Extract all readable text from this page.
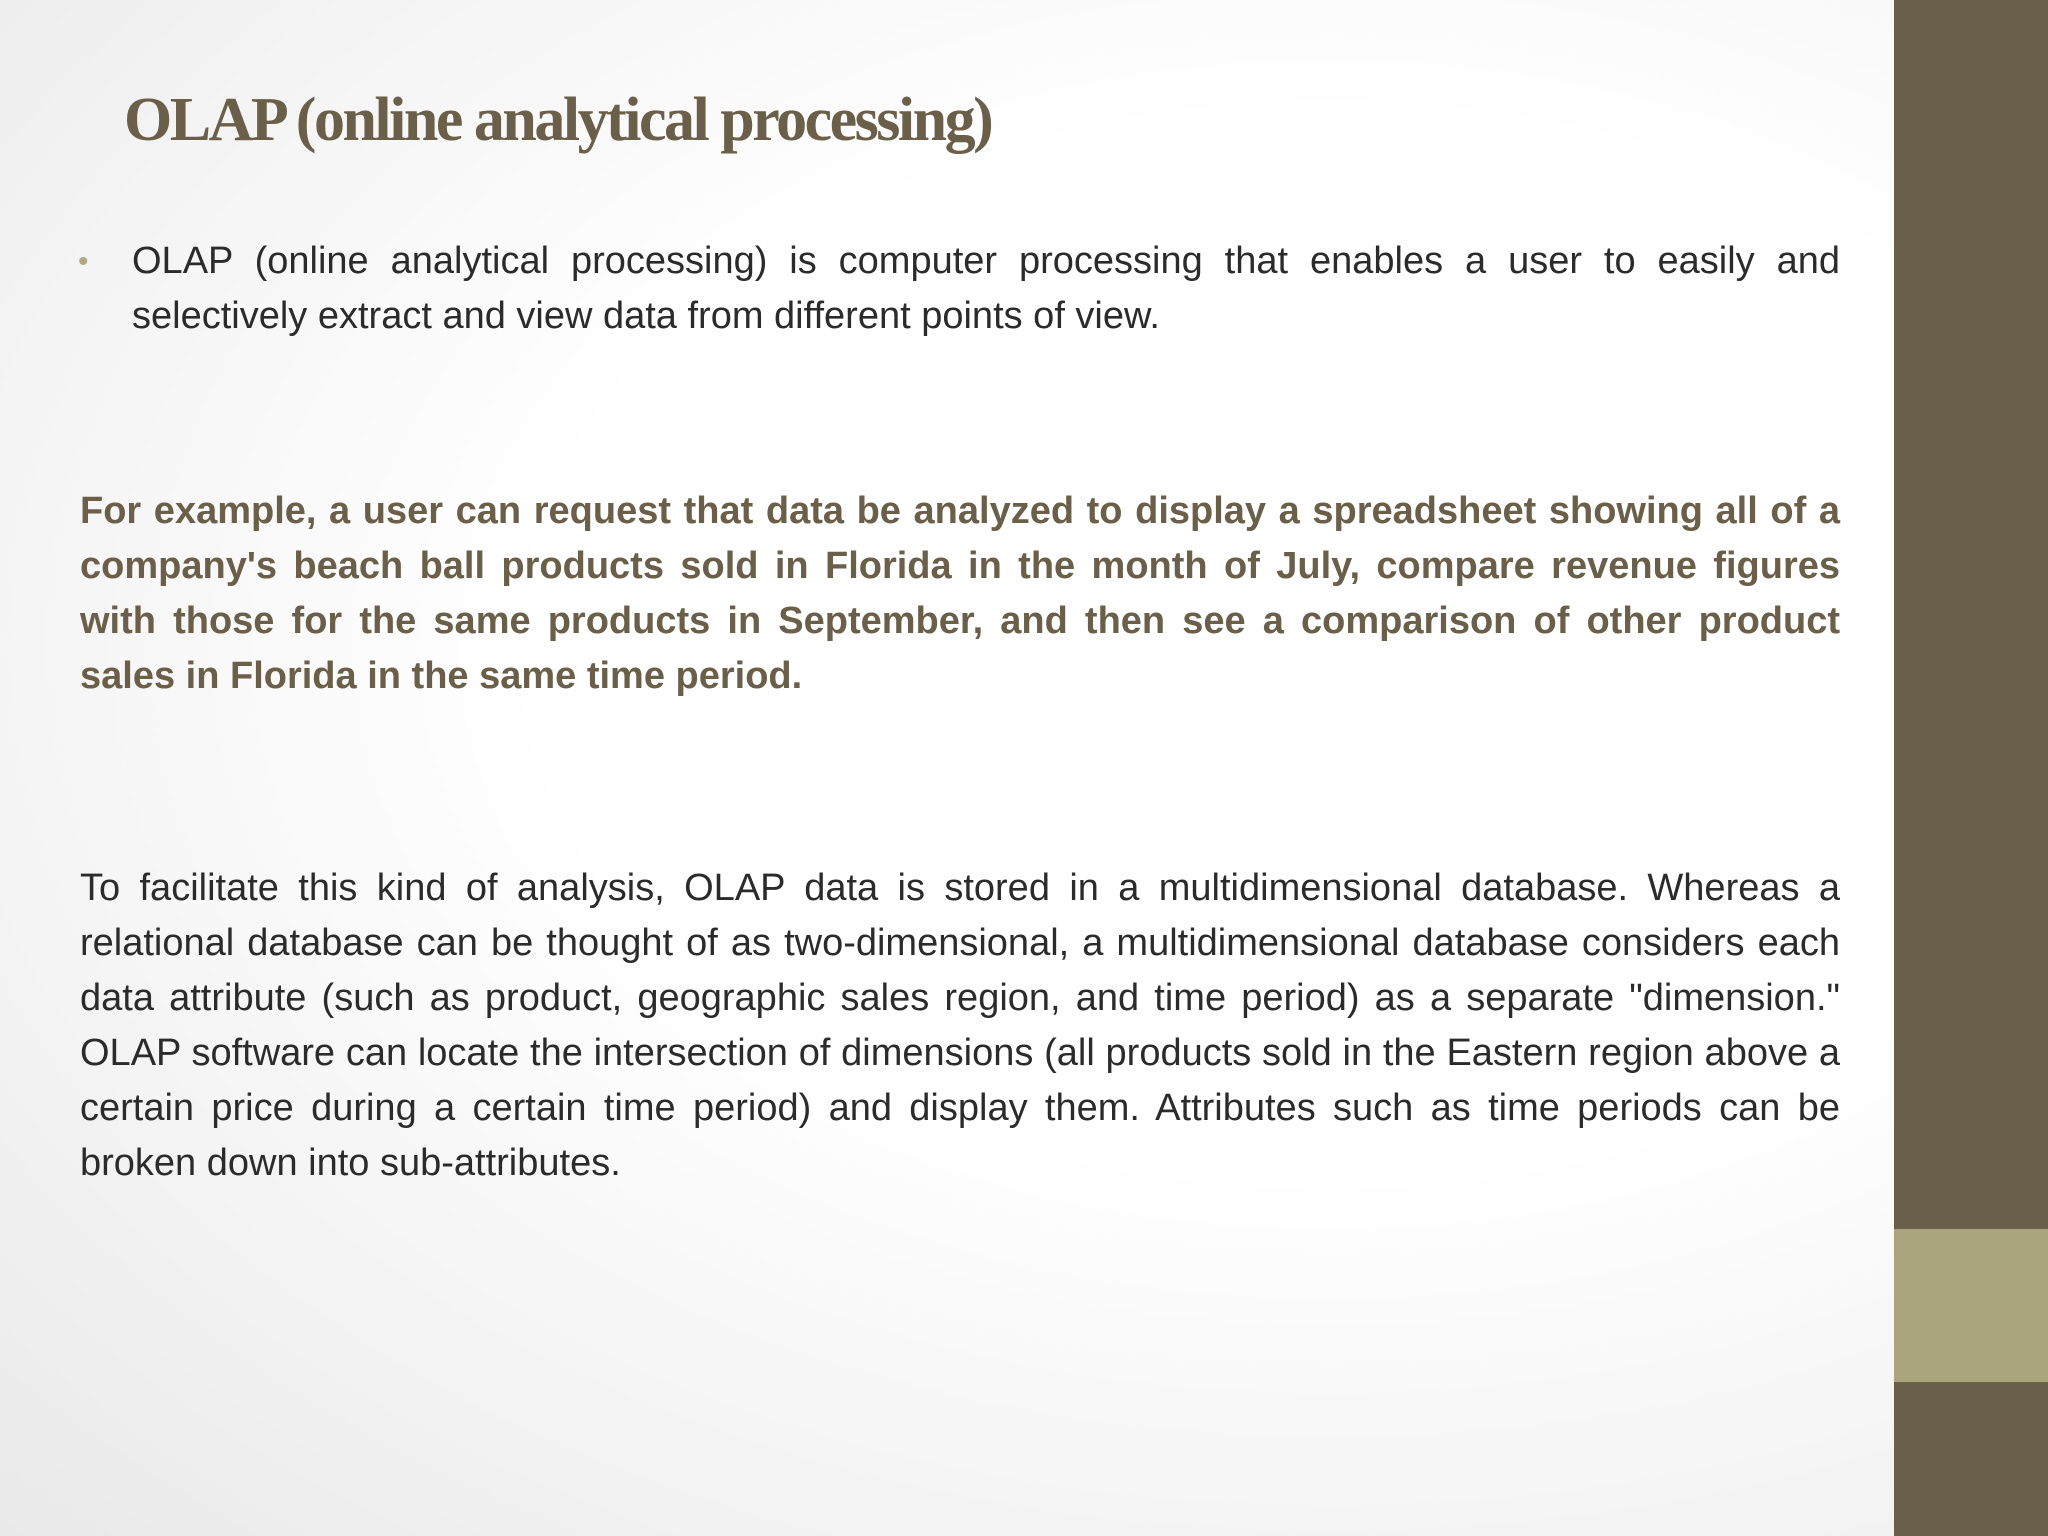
OLAP (online analytical processing)
•	OLAP (online analytical processing) is computer processing that enables a user to easily and selectively extract and view data from different points of view.

For example, a user can request that data be analyzed to display a spreadsheet showing all of a company's beach ball products sold in Florida in the month of July, compare revenue figures with those for the same products in September, and then see a comparison of other product sales in Florida in the same time period.

To facilitate this kind of analysis, OLAP data is stored in a multidimensional database. Whereas a relational database can be thought of as two-dimensional, a multidimensional database considers each data attribute (such as product, geographic sales region, and time period) as a separate "dimension." OLAP software can locate the intersection of dimensions (all products sold in the Eastern region above a certain price during a certain time period) and display them. Attributes such as time periods can be broken down into sub-attributes.
